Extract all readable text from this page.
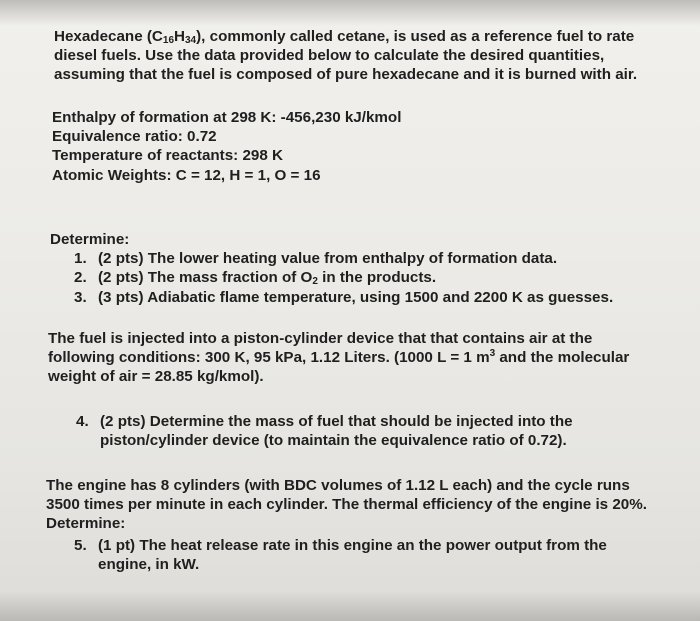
Hexadecane $(C_{16}H_{34})$, commonly called cetane, is used as a reference fuel to rate
diesel fuels. Use the data provided below to calculate the desired quantities,
assuming that the fuel is composed of pure hexadecane and it is burned with air.
Enthalpy of formation at 298 K: -456,230 kJ/kmol
Equivalence ratio: 0.72
Temperature of reactants: 298 K
Atomic Weights: C = 12, H = 1, O = 16
Determine:
1. (2 pts) The lower heating value from enthalpy of formation data.
2. (2 pts) The mass fraction of $O_2$ in the products.
3. (3 pts) Adiabatic flame temperature, using 1500 and 2200 K as guesses.
The fuel is injected into a piston-cylinder device that that contains air at the
following conditions: 300 K, 95 kPa, 1.12 Liters. (1000 L = 1 $m^3$ and the molecular
weight of air = 28.85 kg/kmol).
4. (2 pts) Determine the mass of fuel that should be injected into the
piston/cylinder device (to maintain the equivalence ratio of 0.72).
The engine has 8 cylinders (with BDC volumes of 1.12 L each) and the cycle runs
3500 times per minute in each cylinder. The thermal efficiency of the engine is 20%.
Determine:
5. (1 pt) The heat release rate in this engine an the power output from the
engine, in kW.
